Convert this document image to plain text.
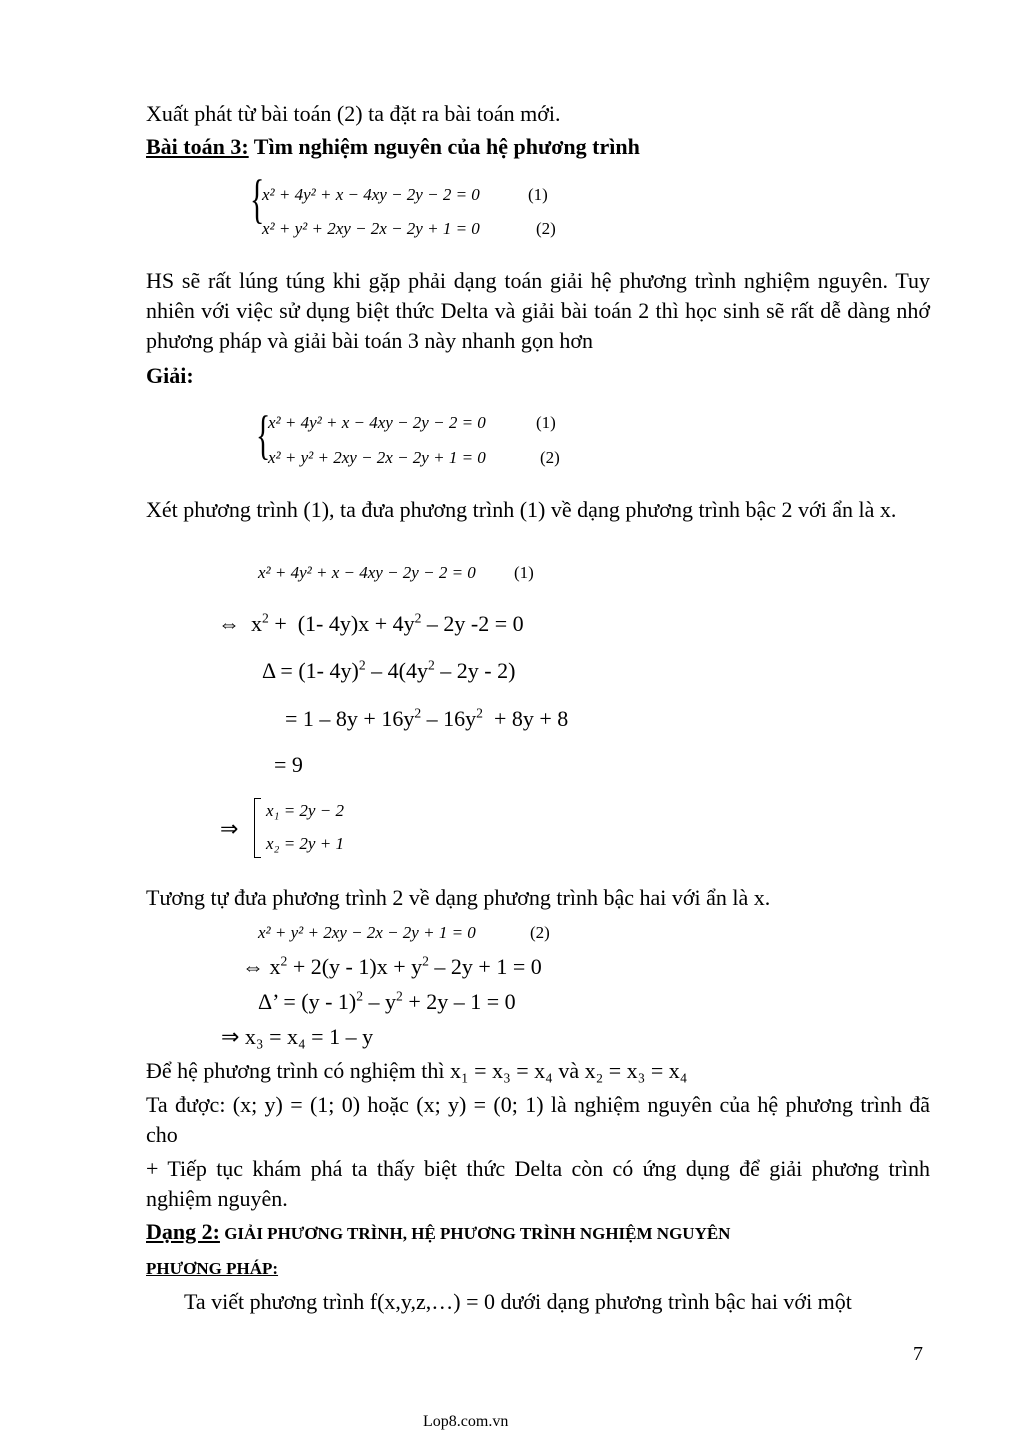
Xuất phát từ bài toán (2) ta đặt ra bài toán mới.
Bài toán 3: Tìm nghiệm nguyên của hệ phương trình
{
x² + 4y² + x − 4xy − 2y − 2 = 0	(1)
x² + y² + 2xy − 2x − 2y + 1 = 0	(2)
HS sẽ rất lúng túng khi gặp phải dạng toán giải hệ phương trình nghiệm nguyên. Tuy nhiên với việc sử dụng biệt thức Delta và giải bài toán 2 thì học sinh sẽ rất dễ dàng nhớ phương pháp và giải bài toán 3 này nhanh gọn hơn
Giải:
{
x² + 4y² + x − 4xy − 2y − 2 = 0	(1)
x² + y² + 2xy − 2x − 2y + 1 = 0	(2)
Xét phương trình (1), ta đưa phương trình (1) về dạng phương trình bậc 2 với ẩn là x.
x² + 4y² + x − 4xy − 2y − 2 = 0 (1)
⇔  $x^2 + (1-$ $4y)x + 4y^2 - 2y$ -2 = 0
Δ = (1- $4y)^2 - 4(4y^2 - 2y - 2)$
= $1 - 8y + 16y^2 - 16y^2 + 8y + 8$
= 9
⇒
x₁ = 2y − 2
x₂ = 2y + 1
Tương tự đưa phương trình 2 về dạng phương trình bậc hai với ẩn là x.
x² + y² + 2xy − 2x − 2y + 1 = 0	(2)
⇔ $x^2 + 2(y - 1)x + y^2 - 2y + 1 = 0$
Δ’ = $(y - 1)^2 - y^2 + 2y - 1 = 0$
⇒ x₃ = x₄ = 1 – y
Để hệ phương trình có nghiệm thì x₁ = x₃ = x₄ và x₂ = x₃ = x₄
Ta được: (x; y) = (1; 0) hoặc (x; y) = (0; 1) là nghiệm nguyên của hệ phương trình đã cho
+ Tiếp tục khám phá ta thấy biệt thức Delta còn có ứng dụng để giải phương trình nghiệm nguyên.
Dạng 2: GIẢI PHƯƠNG TRÌNH, HỆ PHƯƠNG TRÌNH NGHIỆM NGUYÊN
PHƯƠNG PHÁP:
Ta viết phương trình f(x,y,z,…) = 0 dưới dạng phương trình bậc hai với một
7
Lop8.com.vn
